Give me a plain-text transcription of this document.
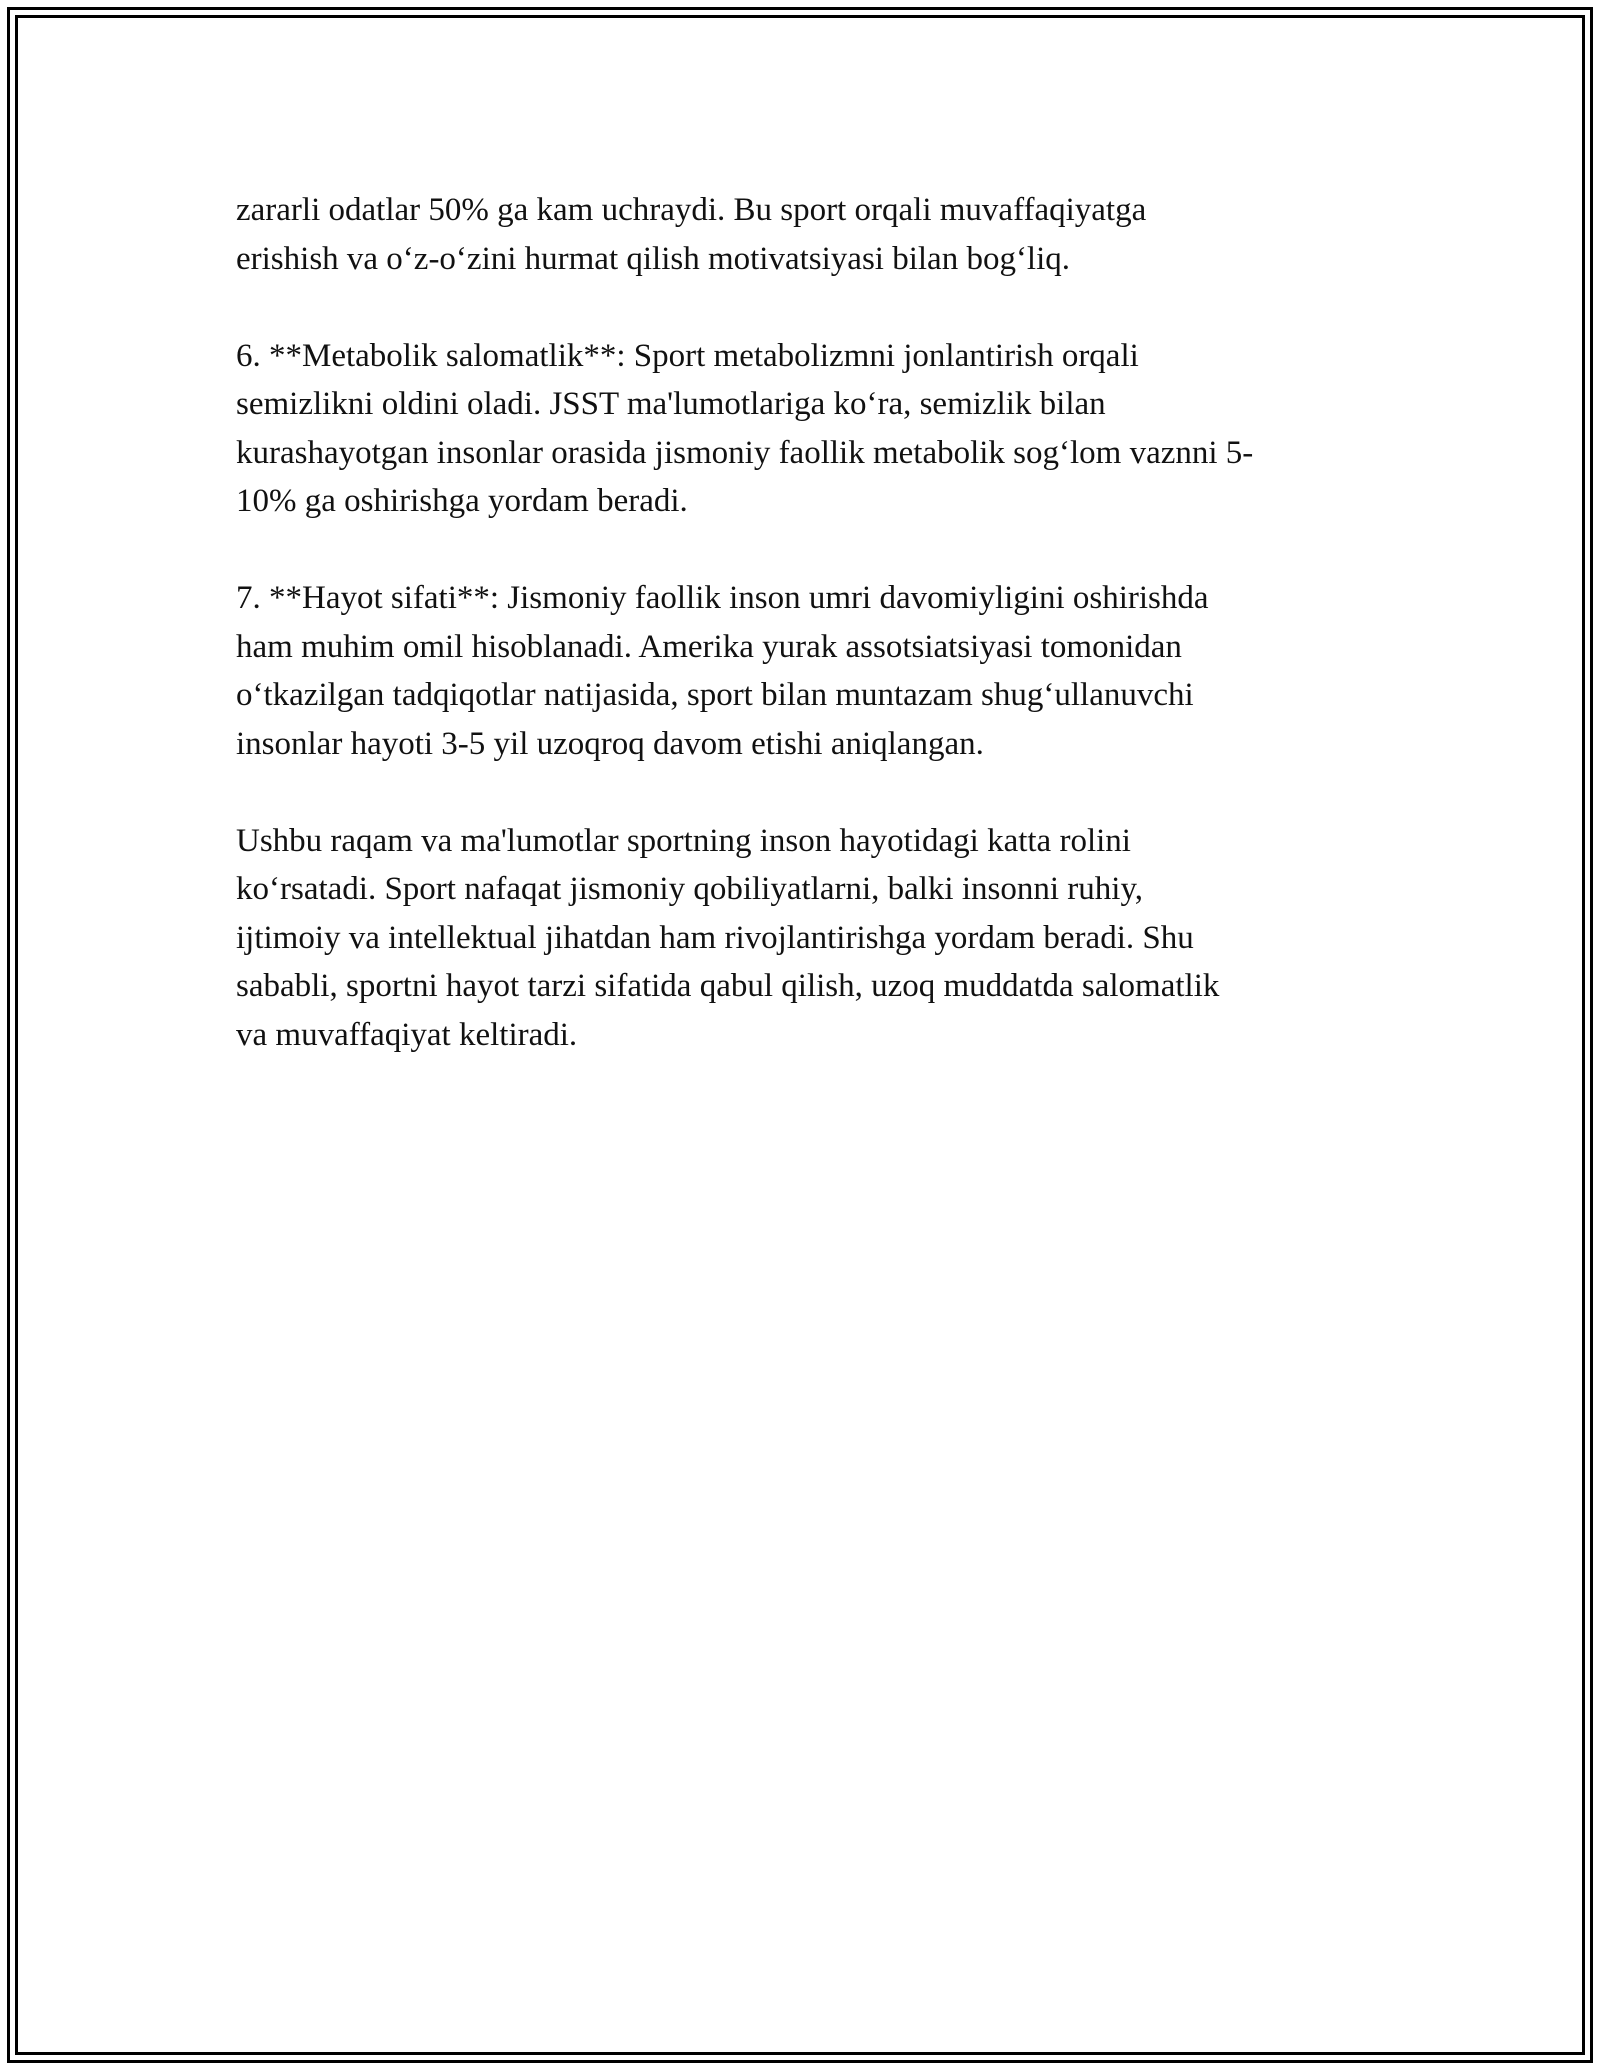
zararli odatlar 50% ga kam uchraydi. Bu sport orqali muvaffaqiyatga
erishish va o‘z-o‘zini hurmat qilish motivatsiyasi bilan bog‘liq.

6. **Metabolik salomatlik**: Sport metabolizmni jonlantirish orqali
semizlikni oldini oladi. JSST ma'lumotlariga ko‘ra, semizlik bilan
kurashayotgan insonlar orasida jismoniy faollik metabolik sog‘lom vaznni 5-
10% ga oshirishga yordam beradi.

7. **Hayot sifati**: Jismoniy faollik inson umri davomiyligini oshirishda
ham muhim omil hisoblanadi. Amerika yurak assotsiatsiyasi tomonidan
o‘tkazilgan tadqiqotlar natijasida, sport bilan muntazam shug‘ullanuvchi
insonlar hayoti 3-5 yil uzoqroq davom etishi aniqlangan.

Ushbu raqam va ma'lumotlar sportning inson hayotidagi katta rolini
ko‘rsatadi. Sport nafaqat jismoniy qobiliyatlarni, balki insonni ruhiy,
ijtimoiy va intellektual jihatdan ham rivojlantirishga yordam beradi. Shu
sababli, sportni hayot tarzi sifatida qabul qilish, uzoq muddatda salomatlik
va muvaffaqiyat keltiradi.
